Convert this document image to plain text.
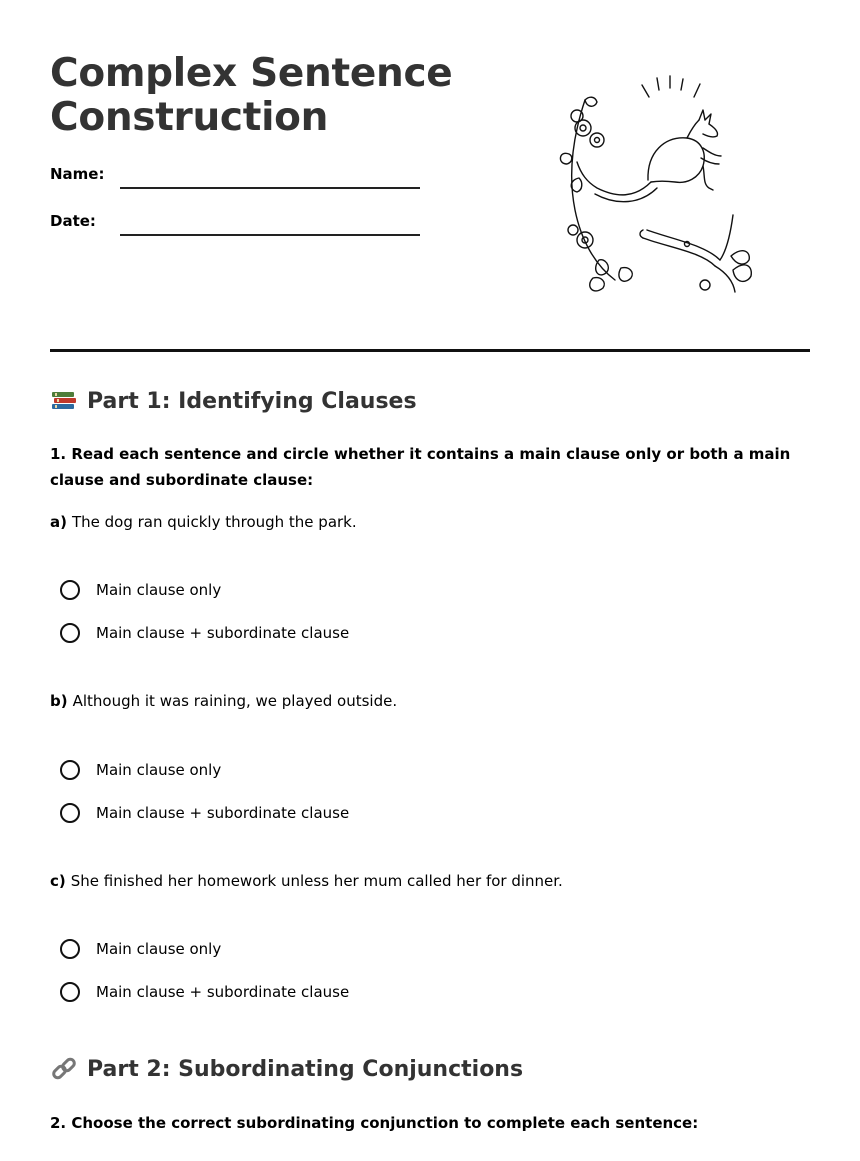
Complex Sentence Construction
Name:
Date:
Part 1: Identifying Clauses

1. Read each sentence and circle whether it contains a main clause only or both a main clause and subordinate clause:

a) The dog ran quickly through the park.
Main clause only
Main clause + subordinate clause
b) Although it was raining, we played outside.
Main clause only
Main clause + subordinate clause
c) She finished her homework unless her mum called her for dinner.
Main clause only
Main clause + subordinate clause
Part 2: Subordinating Conjunctions

2. Choose the correct subordinating conjunction to complete each sentence:
